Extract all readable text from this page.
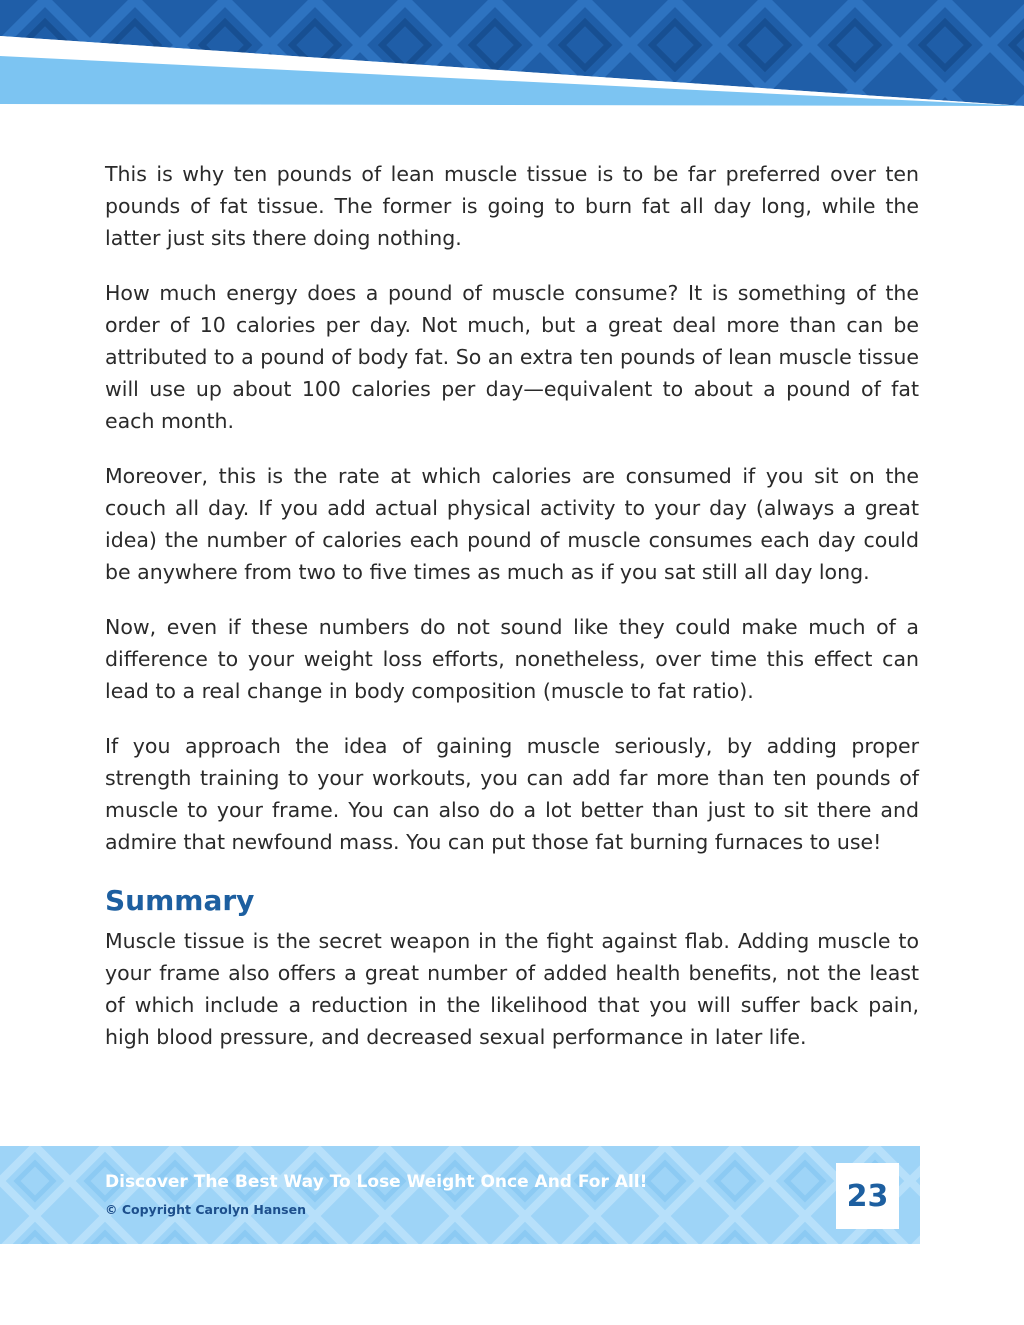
This is why ten pounds of lean muscle tissue is to be far preferred over ten pounds of fat tissue. The former is going to burn fat all day long, while the latter just sits there doing nothing.

How much energy does a pound of muscle consume? It is something of the order of 10 calories per day. Not much, but a great deal more than can be attributed to a pound of body fat. So an extra ten pounds of lean muscle tissue will use up about 100 calories per day—equivalent to about a pound of fat each month.

Moreover, this is the rate at which calories are consumed if you sit on the couch all day. If you add actual physical activity to your day (always a great idea) the number of calories each pound of muscle consumes each day could be anywhere from two to five times as much as if you sat still all day long.

Now, even if these numbers do not sound like they could make much of a difference to your weight loss efforts, nonetheless, over time this effect can lead to a real change in body composition (muscle to fat ratio).

If you approach the idea of gaining muscle seriously, by adding proper strength training to your workouts, you can add far more than ten pounds of muscle to your frame. You can also do a lot better than just to sit there and admire that newfound mass. You can put those fat burning furnaces to use!

Summary

Muscle tissue is the secret weapon in the fight against flab. Adding muscle to your frame also offers a great number of added health benefits, not the least of which include a reduction in the likelihood that you will suffer back pain, high blood pressure, and decreased sexual performance in later life.

Discover The Best Way To Lose Weight Once And For All!
© Copyright Carolyn Hansen	23
